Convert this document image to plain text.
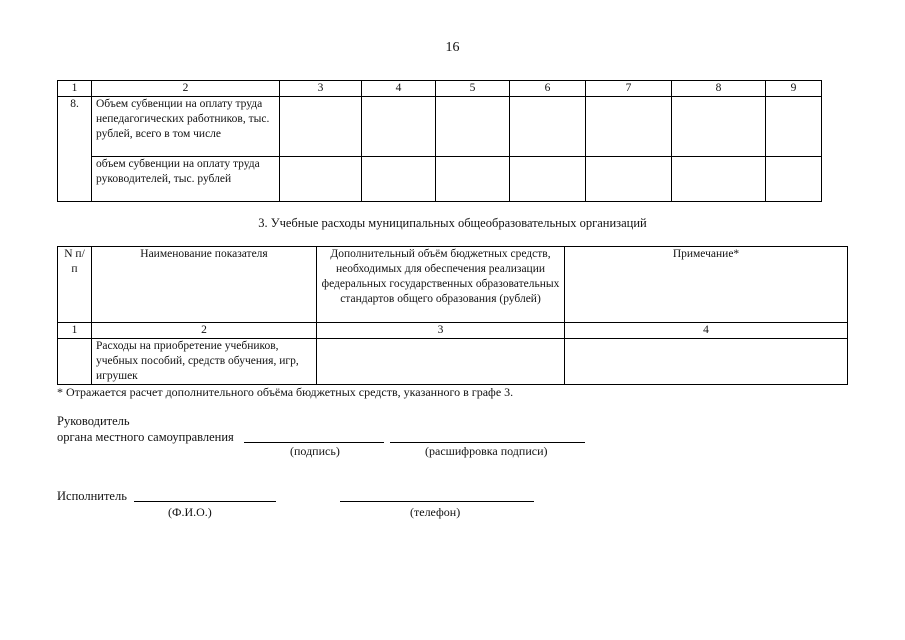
16
1	2	3	4	5	6	7	8	9
8.	Объем субвенции на оплату труда непедагогических работников, тыс. рублей, всего в том числе							
	объем субвенции на оплату труда руководителей, тыс. рублей							
3. Учебные расходы муниципальных общеобразовательных организаций
N п/п	Наименование показателя	Дополнительный объём бюджетных средств, необходимых для обеспечения реализации федеральных государственных образовательных стандартов общего образования (рублей)	Примечание*
1	2	3	4
	Расходы на приобретение учебников, учебных пособий, средств обучения, игр, игрушек		
* Отражается расчет дополнительного объёма бюджетных средств, указанного в графе 3.
Руководитель
органа местного самоуправления
(подпись)	(расшифровка подписи)
Исполнитель
(Ф.И.О.)	(телефон)
